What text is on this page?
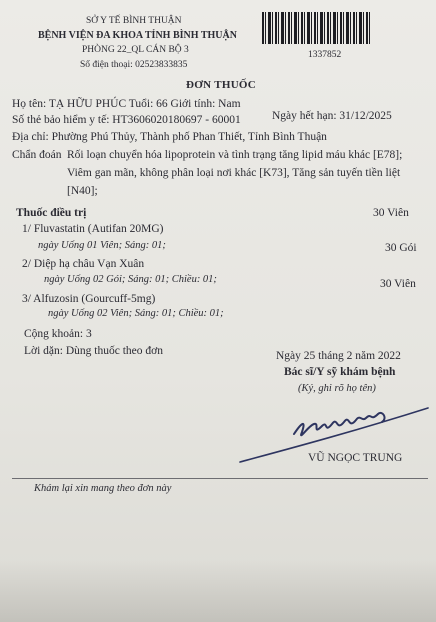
SỞ Y TẾ BÌNH THUẬN
BỆNH VIỆN ĐA KHOA TỈNH BÌNH THUẬN
PHÒNG 22_QL CÁN BỘ 3
Số điện thoại: 02523833835
1337852
ĐƠN THUỐC
Họ tên: TẠ HỮU PHÚC Tuổi: 66 Giới tính: Nam
Số thẻ bảo hiểm y tế: HT3606020180697 - 60001	Ngày hết hạn: 31/12/2025
Địa chỉ: Phường Phú Thủy, Thành phố Phan Thiết, Tỉnh Bình Thuận
Chẩn đoán Rối loạn chuyển hóa lipoprotein và tình trạng tăng lipid máu khác [E78];
Viêm gan mãn, không phân loại nơi khác [K73], Tăng sản tuyến tiền liệt
[N40];
Thuốc điều trị	30 Viên
1/ Fluvastatin (Autifan 20MG)
ngày Uống 01 Viên; Sáng: 01;	30 Gói
2/ Diệp hạ châu Vạn Xuân
ngày Uống 02 Gói; Sáng: 01; Chiều: 01;	30 Viên
3/ Alfuzosin (Gourcuff-5mg)
ngày Uống 02 Viên; Sáng: 01; Chiều: 01;
Cộng khoản: 3
Lời dặn: Dùng thuốc theo đơn	Ngày 25 tháng 2 năm 2022
Bác sĩ/Y sỹ khám bệnh
(Ký, ghi rõ họ tên)
VŨ NGỌC TRUNG
Khám lại xin mang theo đơn này
